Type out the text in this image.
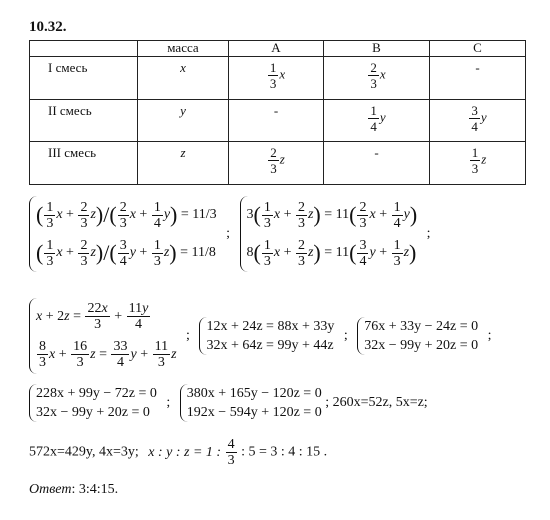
10.32.
	масса	A	B	C
I смесь	x	$\frac{1}{3}$ x	$\frac{2}{3}$ x	-
II смесь	y	-	$\frac{1}{4}$ y	$\frac{3}{4}$ y
III смесь	z	$\frac{2}{3}$ z	-	$\frac{1}{3}$ z
( $\frac{1}{3}$ $x + \frac{2}{3} z)/( \frac{2}{3}$ $x + \frac{1}{4} y) = 11/3$
( $\frac{1}{3}$ $x + \frac{2}{3} z)/( \frac{3}{4}$ $y + \frac{1}{3} z) = 11/8$
;
$3( \frac{1}{3}$ $x + \frac{2}{3} z) = 11( \frac{2}{3}$ $x + \frac{1}{4} y$)
$8( \frac{1}{3}$ $x + \frac{2}{3} z) = 11( \frac{3}{4}$ $y + \frac{1}{3} z$)
;
$x + 2z = \frac{22x}{3} + \frac{11y}{4}$
$\frac{8}{3}$ $x + \frac{16}{3}$ $z = \frac{33}{4}$ $y + \frac{11}{3}$ z
;
12x + 24z = 88x + 33y
32x + 64z = 99y + 44z
;
76x + 33y − 24z = 0
32x − 99y + 20z = 0
;
228x + 99y − 72z = 0
32x − 99y + 20z = 0
;
380x + 165y − 120z = 0
192x − 594y + 120z = 0
; 260x=52z, 5x=z;
572x=429y, 4x=3y; x : y : z = 1 : $\frac{4}{3}$ : 5 = 3 : 4 : 15 .
Ответ: 3:4:15.
